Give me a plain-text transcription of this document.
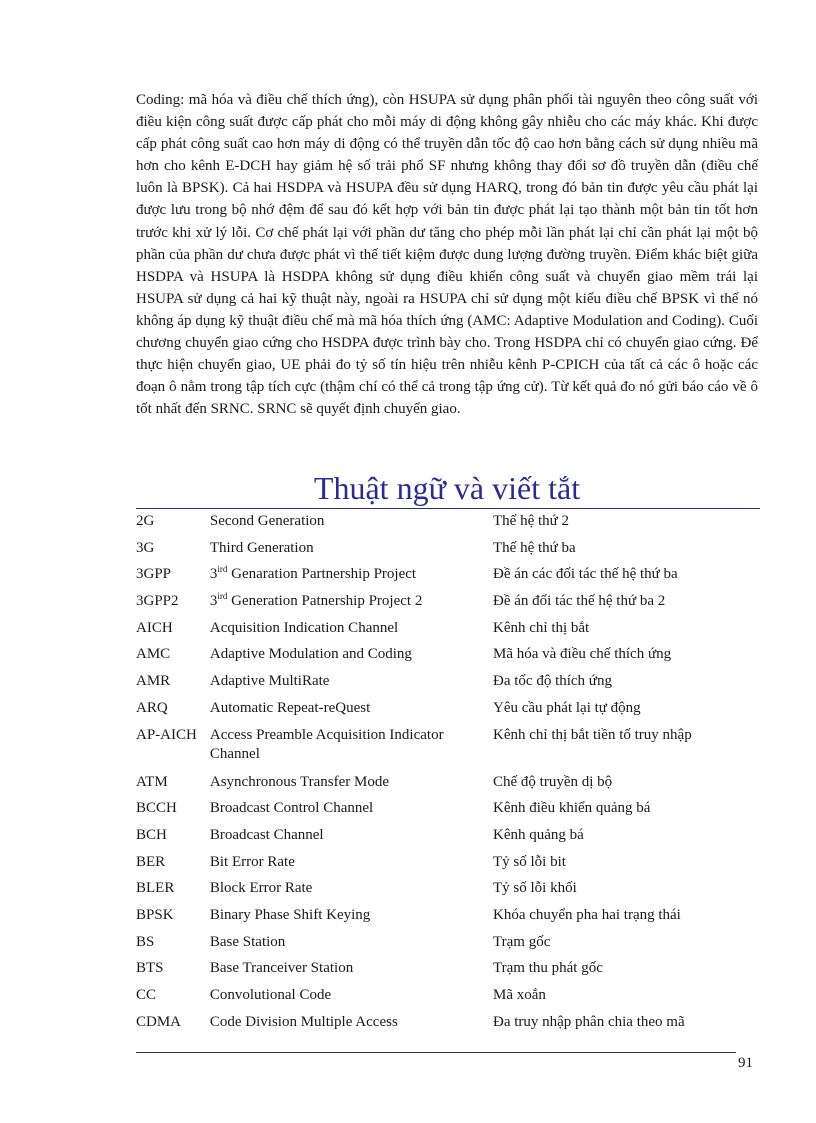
Coding: mã hóa và điều chế thích ứng), còn HSUPA sử dụng phân phối tài nguyên theo công suất với điều kiện công suất được cấp phát cho mỗi máy di động không gây nhiễu cho các máy khác. Khi được cấp phát công suất cao hơn máy di động có thể truyền dẫn tốc độ cao hơn bằng cách sử dụng nhiều mã hơn cho kênh E-DCH hay giảm hệ số trải phổ SF nhưng không thay đổi sơ đồ truyền dẫn (điều chế luôn là BPSK). Cả hai HSDPA và HSUPA đều sử dụng HARQ, trong đó bản tin được yêu cầu phát lại được lưu trong bộ nhớ đệm để sau đó kết hợp với bản tin được phát lại tạo thành một bản tin tốt hơn trước khi xử lý lỗi. Cơ chế phát lại với phần dư tăng cho phép mỗi lần phát lại chỉ cần phát lại một bộ phần của phần dư chưa được phát vì thế tiết kiệm được dung lượng đường truyền. Điểm khác biệt giữa HSDPA và HSUPA là HSDPA không sử dụng điều khiển công suất và chuyển giao mềm trái lại HSUPA sử dụng cả hai kỹ thuật này, ngoài ra HSUPA chỉ sử dụng một kiểu điều chế BPSK vì thế nó không áp dụng kỹ thuật điều chế mà mã hóa thích ứng (AMC: Adaptive Modulation and Coding). Cuối chương chuyển giao cứng cho HSDPA được trình bày cho. Trong HSDPA chỉ có chuyển giao cứng. Để thực hiện chuyển giao, UE phải đo tỷ số tín hiệu trên nhiễu kênh P-CPICH của tất cả các ô hoặc các đoạn ô nằm trong tập tích cực (thậm chí có thể cả trong tập ứng cử). Từ kết quả đo nó gửi báo cáo về ô tốt nhất đến SRNC. SRNC sẽ quyết định chuyển giao.

Thuật ngữ và viết tắt
2G	Second Generation	Thế hệ thứ 2
3G	Third Generation	Thế hệ thứ ba
3GPP	$3^{ird}$ Genaration Partnership Project	Đề án các đối tác thế hệ thứ ba
3GPP2	$3^{ird}$ Generation Patnership Project 2	Đề án đối tác thế hệ thứ ba 2
AICH	Acquisition Indication Channel	Kênh chỉ thị bắt
AMC	Adaptive Modulation and Coding	Mã hóa và điều chế thích ứng
AMR	Adaptive MultiRate	Đa tốc độ thích ứng
ARQ	Automatic Repeat-reQuest	Yêu cầu phát lại tự động
AP-AICH	Access Preamble Acquisition Indicator Channel	Kênh chỉ thị bắt tiền tố truy nhập
ATM	Asynchronous Transfer Mode	Chế độ truyền dị bộ
BCCH	Broadcast Control Channel	Kênh điều khiển quảng bá
BCH	Broadcast Channel	Kênh quảng bá
BER	Bit Error Rate	Tỷ số lỗi bit
BLER	Block Error Rate	Tỷ số lỗi khối
BPSK	Binary Phase Shift Keying	Khóa chuyển pha hai trạng thái
BS	Base Station	Trạm gốc
BTS	Base Tranceiver Station	Trạm thu phát gốc
CC	Convolutional Code	Mã xoắn
CDMA	Code Division Multiple Access	Đa truy nhập phân chia theo mã
91
